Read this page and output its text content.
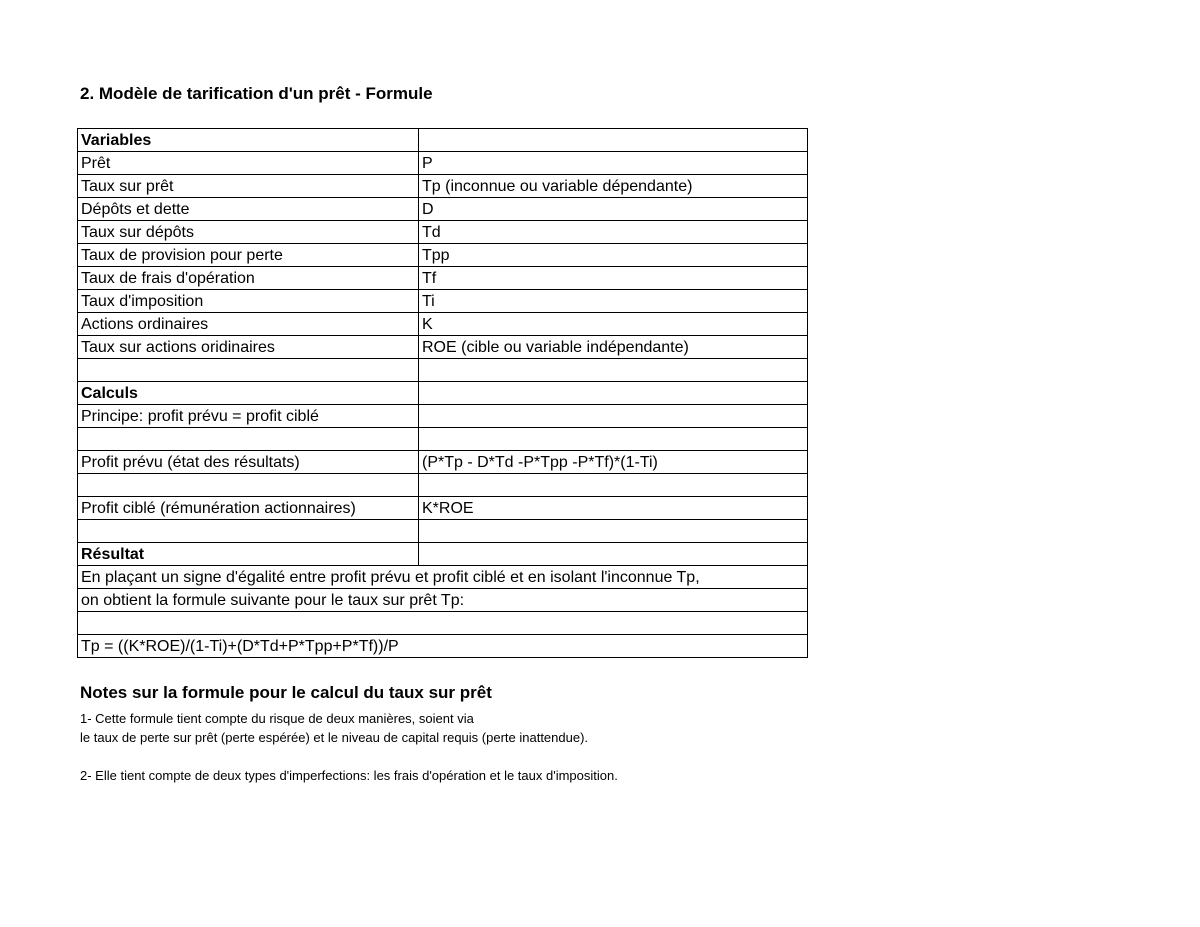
2. Modèle de tarification d'un prêt - Formule
Variables	
Prêt	P
Taux sur prêt	Tp (inconnue ou variable dépendante)
Dépôts et dette	D
Taux sur dépôts	Td
Taux de provision pour perte	Tpp
Taux de frais d'opération	Tf
Taux d'imposition	Ti
Actions ordinaires	K
Taux sur actions oridinaires	ROE (cible ou variable indépendante)

Calculs	
Principe: profit prévu = profit ciblé	

Profit prévu (état des résultats)	(P*Tp - D*Td -P*Tpp -P*Tf)*(1-Ti)

Profit ciblé (rémunération actionnaires)	K*ROE

Résultat	
En plaçant un signe d'égalité entre profit prévu et profit ciblé et en isolant l'inconnue Tp,	
on obtient la formule suivante pour le taux sur prêt Tp:	

Tp = ((K*ROE)/(1-Ti)+(D*Td+P*Tpp+P*Tf))/P	
Notes sur la formule pour le calcul du taux sur prêt
1- Cette formule tient compte du risque de deux manières, soient via
le taux de perte sur prêt (perte espérée) et le niveau de capital requis (perte inattendue).
2- Elle tient compte de deux types d'imperfections: les frais d'opération et le taux d'imposition.
